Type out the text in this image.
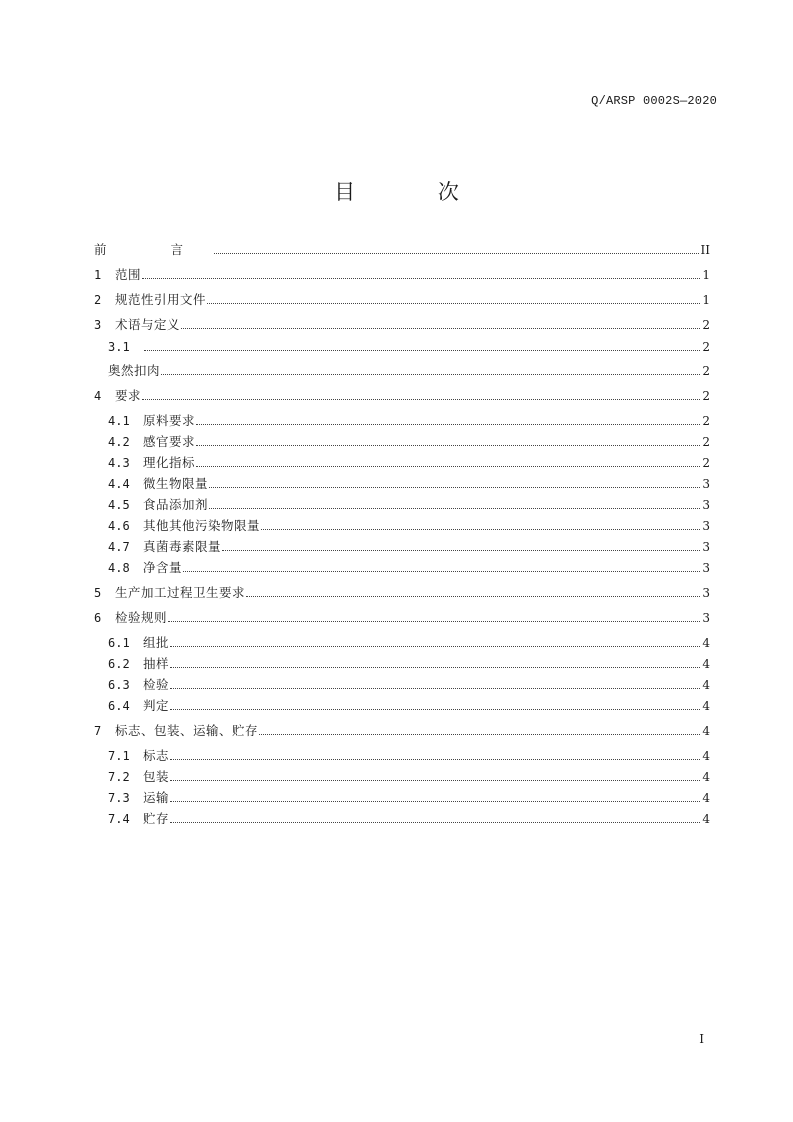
Q/ARSP 0002S—2020
目 次
前 言	II
1	范围	1
2	规范性引用文件	1
3	术语与定义	2
3.1	2
奥然扣肉	2
4	要求	2
4.1	原料要求	2
4.2	感官要求	2
4.3	理化指标	2
4.4	微生物限量	3
4.5	食品添加剂	3
4.6	其他其他污染物限量	3
4.7	真菌毒素限量	3
4.8	净含量	3
5	生产加工过程卫生要求	3
6	检验规则	3
6.1	组批	4
6.2	抽样	4
6.3	检验	4
6.4	判定	4
7	标志、包装、运输、贮存	4
7.1	标志	4
7.2	包装	4
7.3	运输	4
7.4	贮存	4
I
